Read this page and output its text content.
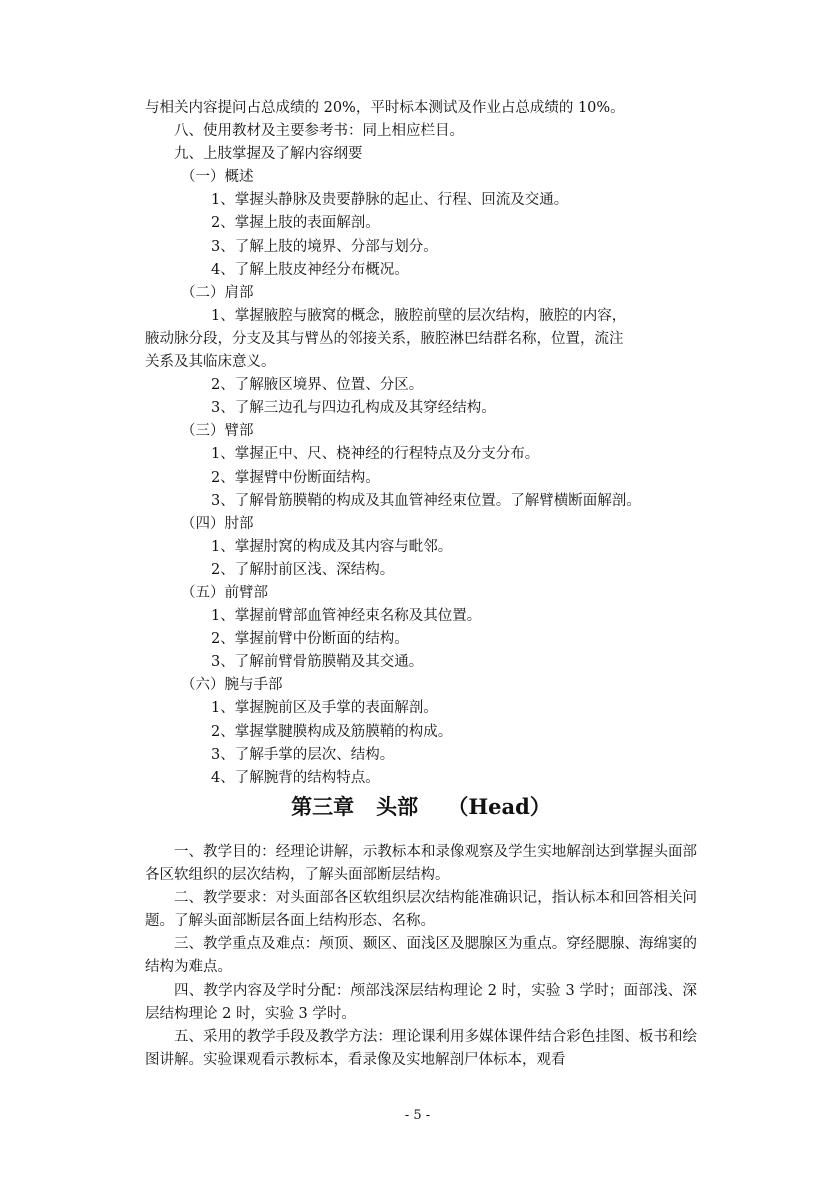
与相关内容提问占总成绩的 20%，平时标本测试及作业占总成绩的 10%。
八、使用教材及主要参考书：同上相应栏目。
九、上肢掌握及了解内容纲要
（一）概述
1、掌握头静脉及贵要静脉的起止、行程、回流及交通。
2、掌握上肢的表面解剖。
3、了解上肢的境界、分部与划分。
4、了解上肢皮神经分布概况。
（二）肩部
1、掌握腋腔与腋窝的概念，腋腔前壁的层次结构，腋腔的内容，
腋动脉分段，分支及其与臂丛的邻接关系，腋腔淋巴结群名称，位置，流注
关系及其临床意义。
2、了解腋区境界、位置、分区。
3、了解三边孔与四边孔构成及其穿经结构。
（三）臂部
1、掌握正中、尺、桡神经的行程特点及分支分布。
2、掌握臂中份断面结构。
3、了解骨筋膜鞘的构成及其血管神经束位置。了解臂横断面解剖。
（四）肘部
1、掌握肘窝的构成及其内容与毗邻。
2、了解肘前区浅、深结构。
（五）前臂部
1、掌握前臂部血管神经束名称及其位置。
2、掌握前臂中份断面的结构。
3、了解前臂骨筋膜鞘及其交通。
（六）腕与手部
1、掌握腕前区及手掌的表面解剖。
2、掌握掌腱膜构成及筋膜鞘的构成。
3、了解手掌的层次、结构。
4、了解腕背的结构特点。
第三章   头部    （Head）
一、教学目的：经理论讲解，示教标本和录像观察及学生实地解剖达到掌握头面部各区软组织的层次结构，了解头面部断层结构。
二、教学要求：对头面部各区软组织层次结构能准确识记，指认标本和回答相关问题。了解头面部断层各面上结构形态、名称。
三、教学重点及难点：颅顶、颞区、面浅区及腮腺区为重点。穿经腮腺、海绵窦的结构为难点。
四、教学内容及学时分配：颅部浅深层结构理论 2 时，实验 3 学时；面部浅、深层结构理论 2 时，实验 3 学时。
五、采用的教学手段及教学方法：理论课利用多媒体课件结合彩色挂图、板书和绘图讲解。实验课观看示教标本，看录像及实地解剖尸体标本，观看
- 5 -
